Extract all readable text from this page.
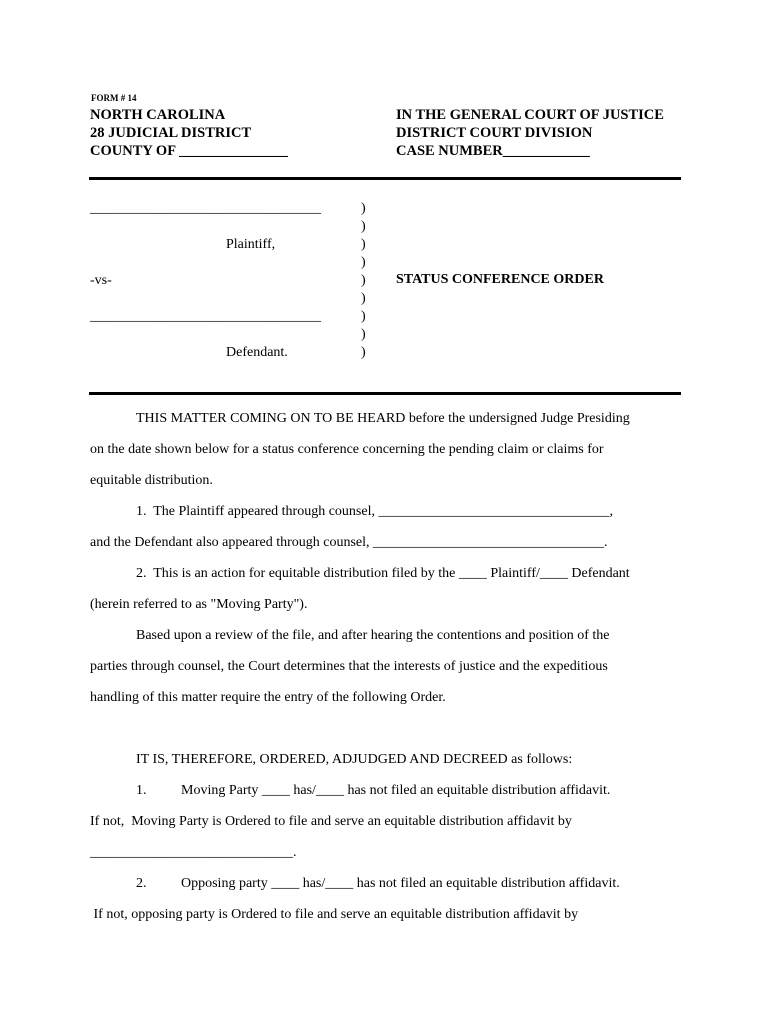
FORM # 14
NORTH CAROLINA
28 JUDICIAL DISTRICT
COUNTY OF _______________
IN THE GENERAL COURT OF JUSTICE
DISTRICT COURT DIVISION
CASE NUMBER____________
_________________________________
Plaintiff,
-vs-
_________________________________
Defendant.
)
)
)
)
)
)
)
)
)
STATUS CONFERENCE ORDER
THIS MATTER COMING ON TO BE HEARD before the undersigned Judge Presiding
on the date shown below for a status conference concerning the pending claim or claims for
equitable distribution.
1.  The Plaintiff appeared through counsel, _________________________________,
and the Defendant also appeared through counsel, _________________________________.
2.  This is an action for equitable distribution filed by the ____ Plaintiff/____ Defendant
(herein referred to as "Moving Party").
Based upon a review of the file, and after hearing the contentions and position of the
parties through counsel, the Court determines that the interests of justice and the expeditious
handling of this matter require the entry of the following Order.
IT IS, THEREFORE, ORDERED, ADJUDGED AND DECREED as follows:
1. Moving Party ____ has/____ has not filed an equitable distribution affidavit.
If not,  Moving Party is Ordered to file and serve an equitable distribution affidavit by
_____________________________.
2. Opposing party ____ has/____ has not filed an equitable distribution affidavit.
If not, opposing party is Ordered to file and serve an equitable distribution affidavit by
